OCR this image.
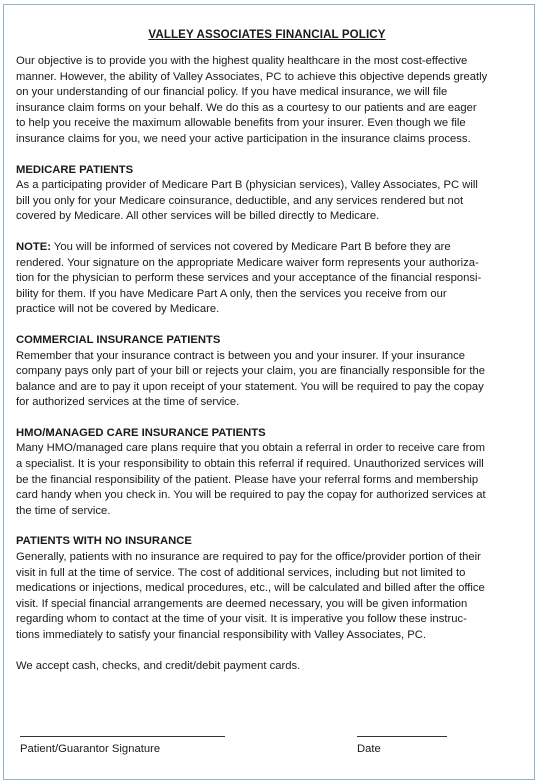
VALLEY ASSOCIATES FINANCIAL POLICY

Our objective is to provide you with the highest quality healthcare in the most cost-effective

manner. However, the ability of Valley Associates, PC to achieve this objective depends greatly

on your understanding of our financial policy. If you have medical insurance, we will file

insurance claim forms on your behalf. We do this as a courtesy to our patients and are eager

to help you receive the maximum allowable benefits from your insurer. Even though we file

insurance claims for you, we need your active participation in the insurance claims process.

MEDICARE PATIENTS

As a participating provider of Medicare Part B (physician services), Valley Associates, PC will

bill you only for your Medicare coinsurance, deductible, and any services rendered but not

covered by Medicare. All other services will be billed directly to Medicare.

NOTE: You will be informed of services not covered by Medicare Part B before they are

rendered. Your signature on the appropriate Medicare waiver form represents your authoriza-

tion for the physician to perform these services and your acceptance of the financial responsi-

bility for them. If you have Medicare Part A only, then the services you receive from our

practice will not be covered by Medicare.

COMMERCIAL INSURANCE PATIENTS

Remember that your insurance contract is between you and your insurer. If your insurance

company pays only part of your bill or rejects your claim, you are financially responsible for the

balance and are to pay it upon receipt of your statement. You will be required to pay the copay

for authorized services at the time of service.

HMO/MANAGED CARE INSURANCE PATIENTS

Many HMO/managed care plans require that you obtain a referral in order to receive care from

a specialist. It is your responsibility to obtain this referral if required. Unauthorized services will

be the financial responsibility of the patient. Please have your referral forms and membership

card handy when you check in. You will be required to pay the copay for authorized services at

the time of service.

PATIENTS WITH NO INSURANCE

Generally, patients with no insurance are required to pay for the office/provider portion of their

visit in full at the time of service. The cost of additional services, including but not limited to

medications or injections, medical procedures, etc., will be calculated and billed after the office

visit. If special financial arrangements are deemed necessary, you will be given information

regarding whom to contact at the time of your visit. It is imperative you follow these instruc-

tions immediately to satisfy your financial responsibility with Valley Associates, PC.

We accept cash, checks, and credit/debit payment cards.

Patient/Guarantor Signature	Date
